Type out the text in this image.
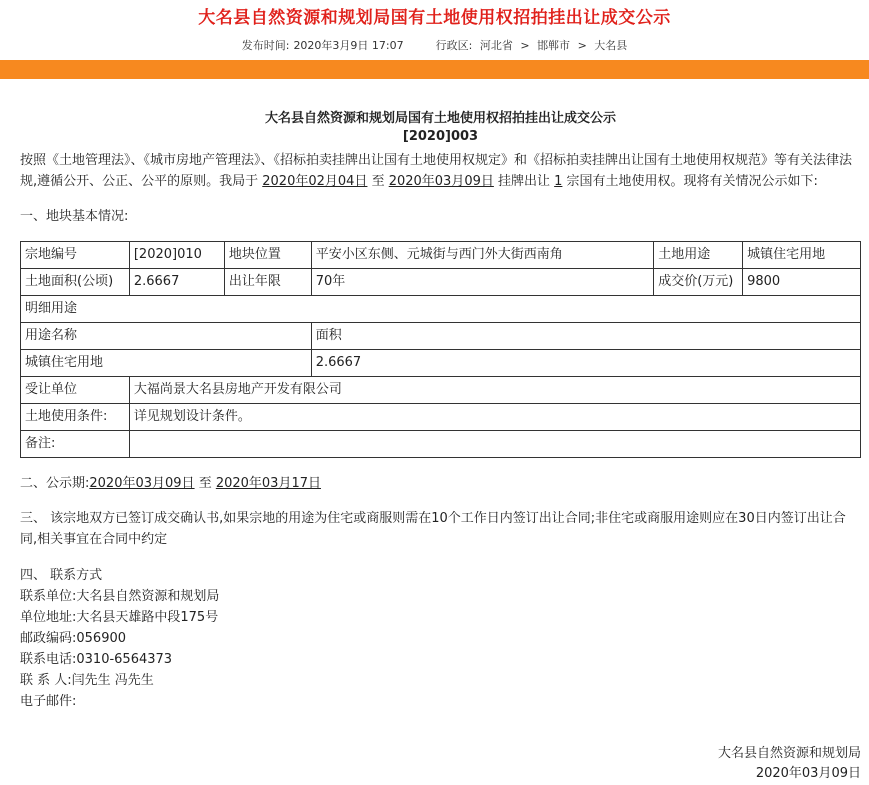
大名县自然资源和规划局国有土地使用权招拍挂出让成交公示
发布时间: 2020年3月9日 17:07	行政区: 河北省 > 邯郸市 > 大名县

大名县自然资源和规划局国有土地使用权招拍挂出让成交公示

[2020]003

按照《土地管理法》、《城市房地产管理法》、《招标拍卖挂牌出让国有土地使用权规定》和《招标拍卖挂牌出让国有土地使用权规范》等有关法律法规,遵循公开、公正、公平的原则。我局于 2020年02月04日 至 2020年03月09日 挂牌出让 1 宗国有土地使用权。现将有关情况公示如下:
一、地块基本情况:
宗地编号	[2020]010	地块位置	平安小区东侧、元城街与西门外大街西南角	土地用途	城镇住宅用地
土地面积(公顷)	2.6667	出让年限	70年	成交价(万元)	9800
明细用途					
用途名称			面积		
城镇住宅用地			2.6667		
受让单位	大福尚景大名县房地产开发有限公司				
土地使用条件:	详见规划设计条件。				
备注:					
二、公示期:2020年03月09日 至 2020年03月17日
三、 该宗地双方已签订成交确认书,如果宗地的用途为住宅或商服则需在10个工作日内签订出让合同;非住宅或商服用途则应在30日内签订出让合同,相关事宜在合同中约定
四、 联系方式
联系单位:大名县自然资源和规划局
单位地址:大名县天雄路中段175号
邮政编码:056900
联系电话:0310-6564373
联 系 人:闫先生 冯先生
电子邮件:
大名县自然资源和规划局
2020年03月09日
